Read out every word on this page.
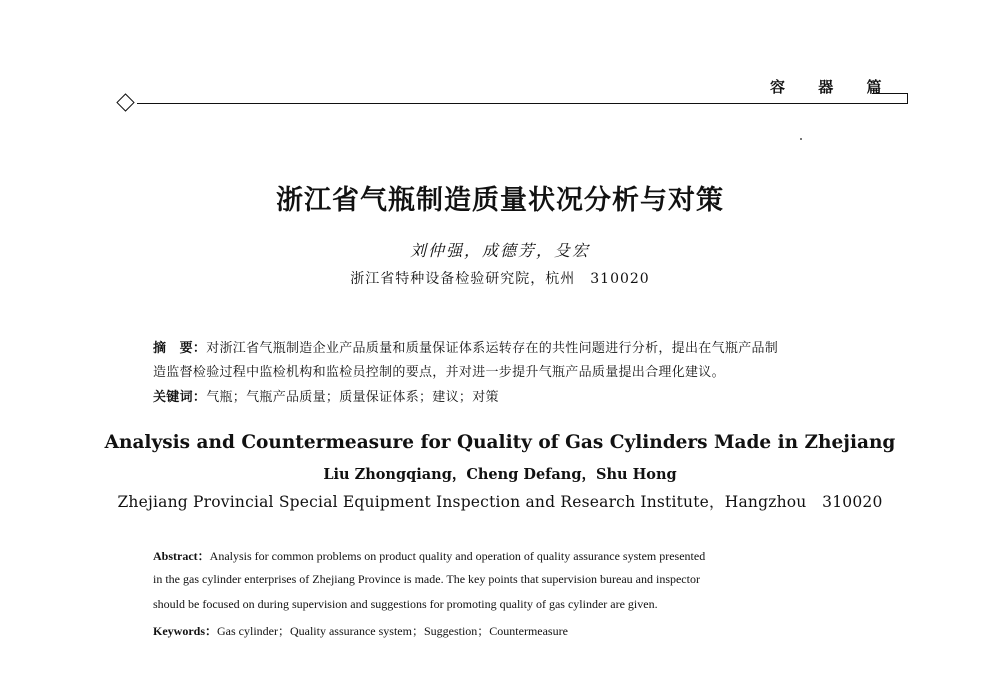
容 器 篇
浙江省气瓶制造质量状况分析与对策
刘仲强，成德芳，殳宏
浙江省特种设备检验研究院，杭州　310020
摘　要：对浙江省气瓶制造企业产品质量和质量保证体系运转存在的共性问题进行分析，提出在气瓶产品制
造监督检验过程中监检机构和监检员控制的要点，并对进一步提升气瓶产品质量提出合理化建议。
关键词：气瓶；气瓶产品质量；质量保证体系；建议；对策
Analysis and Countermeasure for Quality of Gas Cylinders Made in Zhejiang
Liu Zhongqiang，Cheng Defang，Shu Hong
Zhejiang Provincial Special Equipment Inspection and Research Institute，Hangzhou　310020
Abstract：Analysis for common problems on product quality and operation of quality assurance system presented
in the gas cylinder enterprises of Zhejiang Province is made. The key points that supervision bureau and inspector
should be focused on during supervision and suggestions for promoting quality of gas cylinder are given.
Keywords：Gas cylinder；Quality assurance system；Suggestion；Countermeasure
